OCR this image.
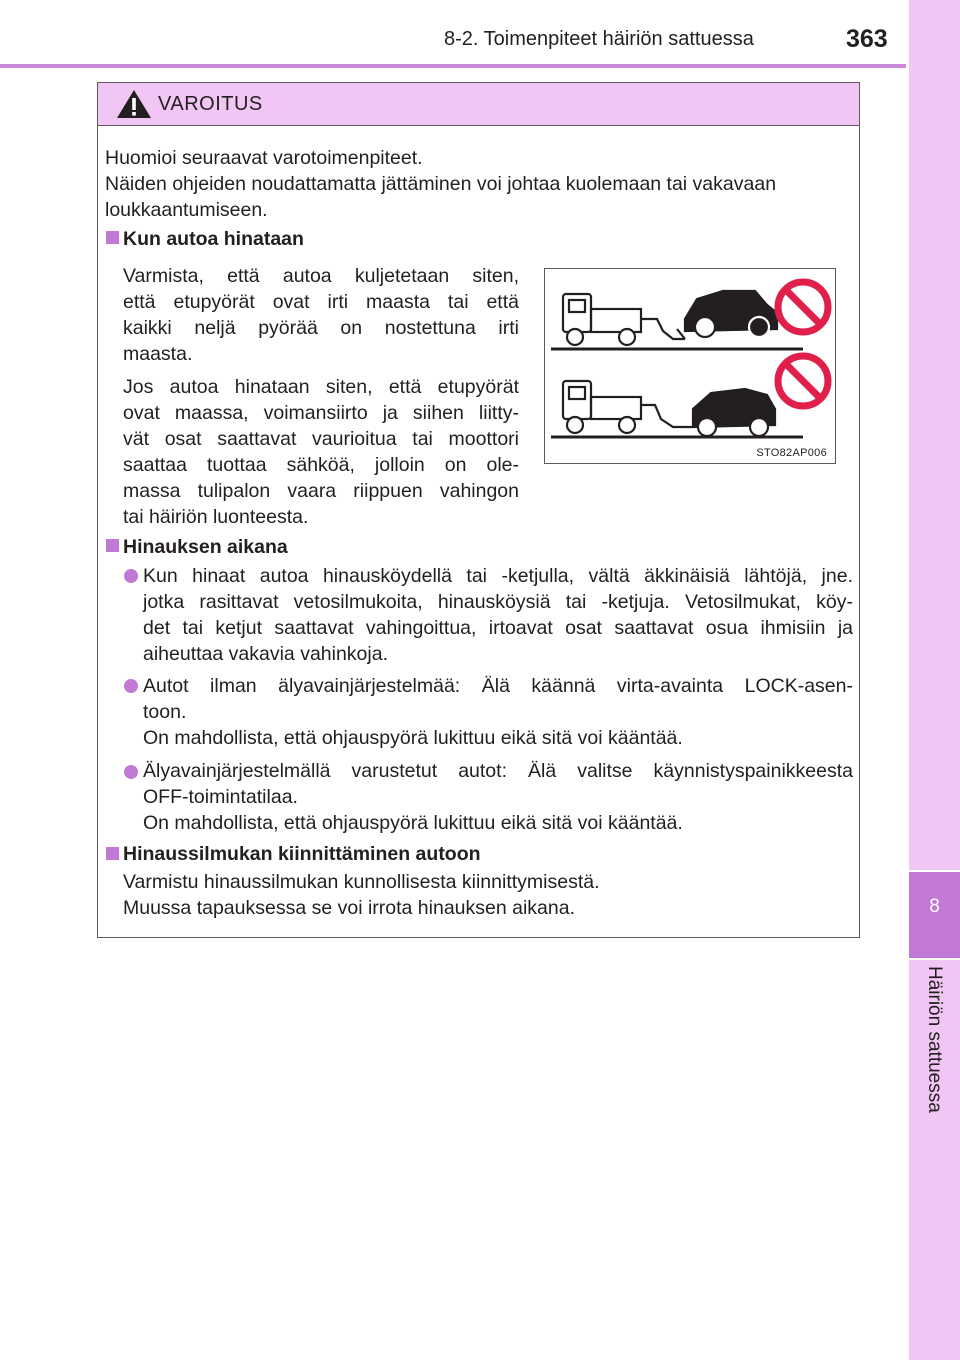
8-2. Toimenpiteet häiriön sattuessa	363
8
Häiriön sattuessa
VAROITUS
Huomioi seuraavat varotoimenpiteet.
Näiden ohjeiden noudattamatta jättäminen voi johtaa kuolemaan tai vakavaan
loukkaantumiseen.
Kun autoa hinataan
Varmista, että autoa kuljetetaan siten,
että etupyörät ovat irti maasta tai että
kaikki neljä pyörää on nostettuna irti
maasta.
Jos autoa hinataan siten, että etupyörät
ovat maassa, voimansiirto ja siihen liitty-
vät osat saattavat vaurioitua tai moottori
saattaa tuottaa sähköä, jolloin on ole-
massa tulipalon vaara riippuen vahingon
tai häiriön luonteesta.
STO82AP006
Hinauksen aikana
Kun hinaat autoa hinausköydellä tai -ketjulla, vältä äkkinäisiä lähtöjä, jne.
jotka rasittavat vetosilmukoita, hinausköysiä tai -ketjuja. Vetosilmukat, köy-
det tai ketjut saattavat vahingoittua, irtoavat osat saattavat osua ihmisiin ja
aiheuttaa vakavia vahinkoja.
Autot ilman älyavainjärjestelmää: Älä käännä virta-avainta LOCK-asen-
toon.
On mahdollista, että ohjauspyörä lukittuu eikä sitä voi kääntää.
Älyavainjärjestelmällä varustetut autot: Älä valitse käynnistyspainikkeesta
OFF-toimintatilaa.
On mahdollista, että ohjauspyörä lukittuu eikä sitä voi kääntää.
Hinaussilmukan kiinnittäminen autoon
Varmistu hinaussilmukan kunnollisesta kiinnittymisestä.
Muussa tapauksessa se voi irrota hinauksen aikana.
